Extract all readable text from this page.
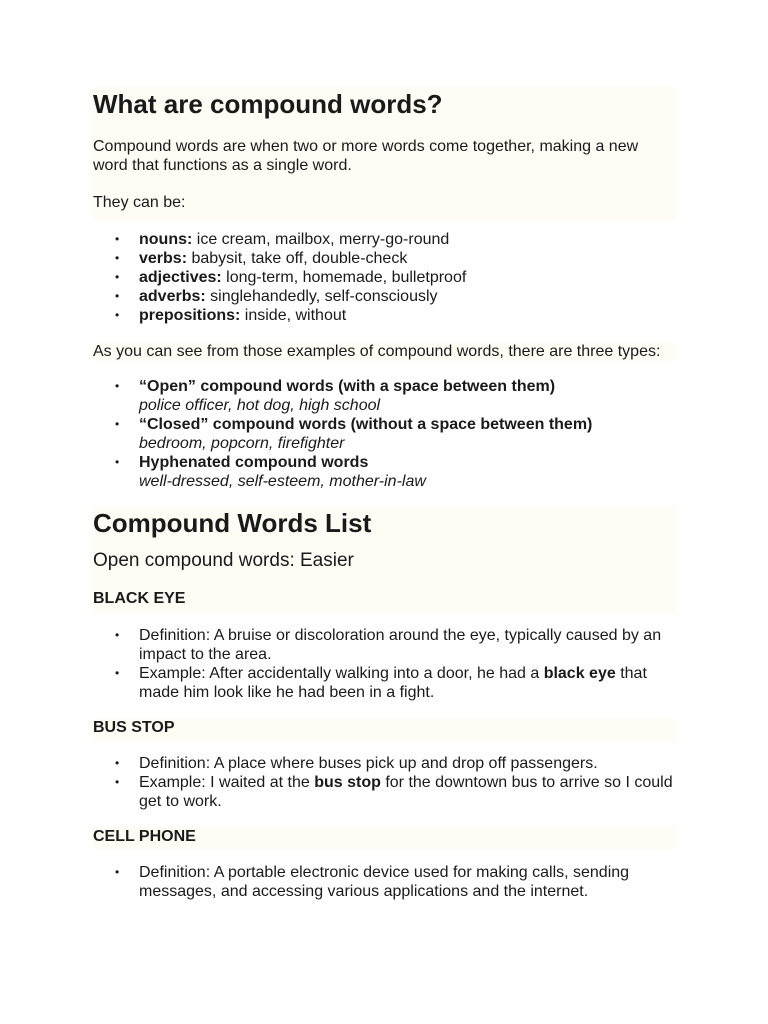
What are compound words?

Compound words are when two or more words come together, making a new word that functions as a single word.

They can be:

• nouns: ice cream, mailbox, merry-go-round
• verbs: babysit, take off, double-check
• adjectives: long-term, homemade, bulletproof
• adverbs: singlehandedly, self-consciously
• prepositions: inside, without

As you can see from those examples of compound words, there are three types:

• “Open” compound words (with a space between them)
police officer, hot dog, high school
• “Closed” compound words (without a space between them)
bedroom, popcorn, firefighter
• Hyphenated compound words
well-dressed, self-esteem, mother-in-law
Compound Words List

Open compound words: Easier

BLACK EYE

• Definition: A bruise or discoloration around the eye, typically caused by an impact to the area.
• Example: After accidentally walking into a door, he had a black eye that made him look like he had been in a fight.

BUS STOP

• Definition: A place where buses pick up and drop off passengers.
• Example: I waited at the bus stop for the downtown bus to arrive so I could get to work.

CELL PHONE

• Definition: A portable electronic device used for making calls, sending messages, and accessing various applications and the internet.
